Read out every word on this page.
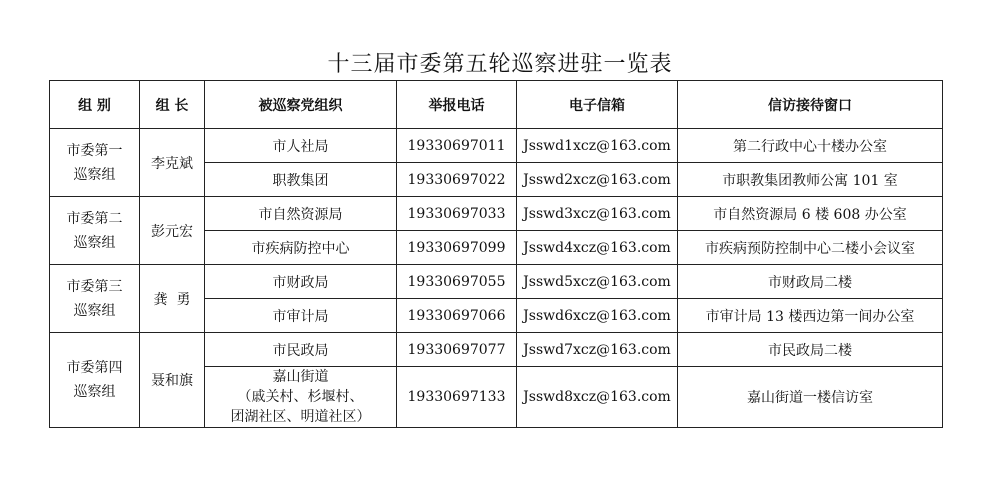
十三届市委第五轮巡察进驻一览表
组 别	组 长	被巡察党组织	举报电话	电子信箱	信访接待窗口

市委第一
巡察组	李克斌	市人社局	19330697011	Jsswd1xcz@163.com	第二行政中心十楼办公室
		职教集团	19330697022	Jsswd2xcz@163.com	市职教集团教师公寓 101 室

市委第二
巡察组	彭元宏	市自然资源局	19330697033	Jsswd3xcz@163.com	市自然资源局 6 楼 608 办公室
		市疾病防控中心	19330697099	Jsswd4xcz@163.com	市疾病预防控制中心二楼小会议室

市委第三
巡察组	龚  勇	市财政局	19330697055	Jsswd5xcz@163.com	市财政局二楼
		市审计局	19330697066	Jsswd6xcz@163.com	市审计局 13 楼西边第一间办公室

市委第四
巡察组	聂和旗	市民政局	19330697077	Jsswd7xcz@163.com	市民政局二楼

		嘉山街道
（戚关村、杉堰村、
团湖社区、明道社区）	19330697133	Jsswd8xcz@163.com	嘉山街道一楼信访室
